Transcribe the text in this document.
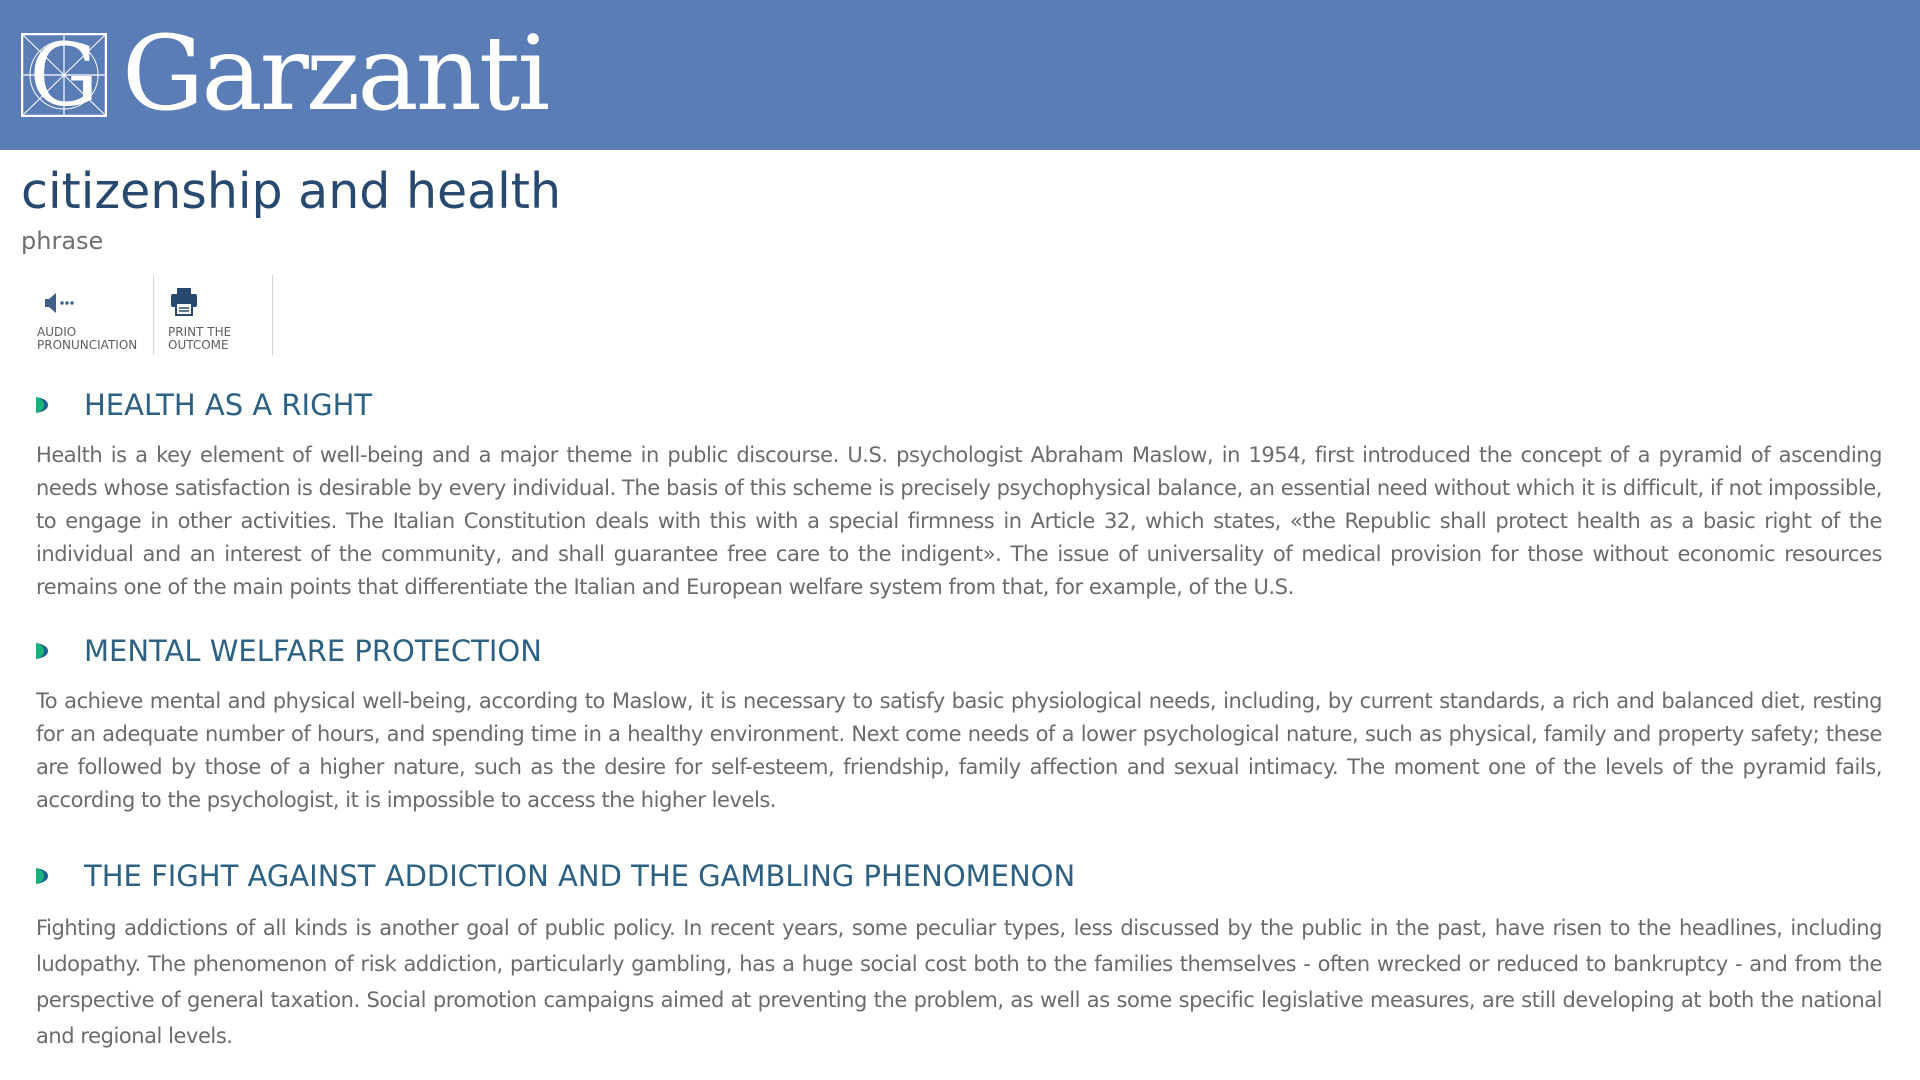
G Garzanti
citizenship and health
phrase
AUDIO PRONUNCIATION
PRINT THE OUTCOME
HEALTH AS A RIGHT

Health is a key element of well-being and a major theme in public discourse. U.S. psychologist Abraham Maslow, in 1954, first introduced the concept of a pyramid of ascending needs whose satisfaction is desirable by every individual. The basis of this scheme is precisely psychophysical balance, an essential need without which it is difficult, if not impossible, to engage in other activities. The Italian Constitution deals with this with a special firmness in Article 32, which states, «the Republic shall protect health as a basic right of the individual and an interest of the community, and shall guarantee free care to the indigent». The issue of universality of medical provision for those without economic resources remains one of the main points that differentiate the Italian and European welfare system from that, for example, of the U.S.

MENTAL WELFARE PROTECTION

To achieve mental and physical well-being, according to Maslow, it is necessary to satisfy basic physiological needs, including, by current standards, a rich and balanced diet, resting for an adequate number of hours, and spending time in a healthy environment. Next come needs of a lower psychological nature, such as physical, family and property safety; these are followed by those of a higher nature, such as the desire for self-esteem, friendship, family affection and sexual intimacy. The moment one of the levels of the pyramid fails, according to the psychologist, it is impossible to access the higher levels.

THE FIGHT AGAINST ADDICTION AND THE GAMBLING PHENOMENON

Fighting addictions of all kinds is another goal of public policy. In recent years, some peculiar types, less discussed by the public in the past, have risen to the headlines, including ludopathy. The phenomenon of risk addiction, particularly gambling, has a huge social cost both to the families themselves - often wrecked or reduced to bankruptcy - and from the perspective of general taxation. Social promotion campaigns aimed at preventing the problem, as well as some specific legislative measures, are still developing at both the national and regional levels.
